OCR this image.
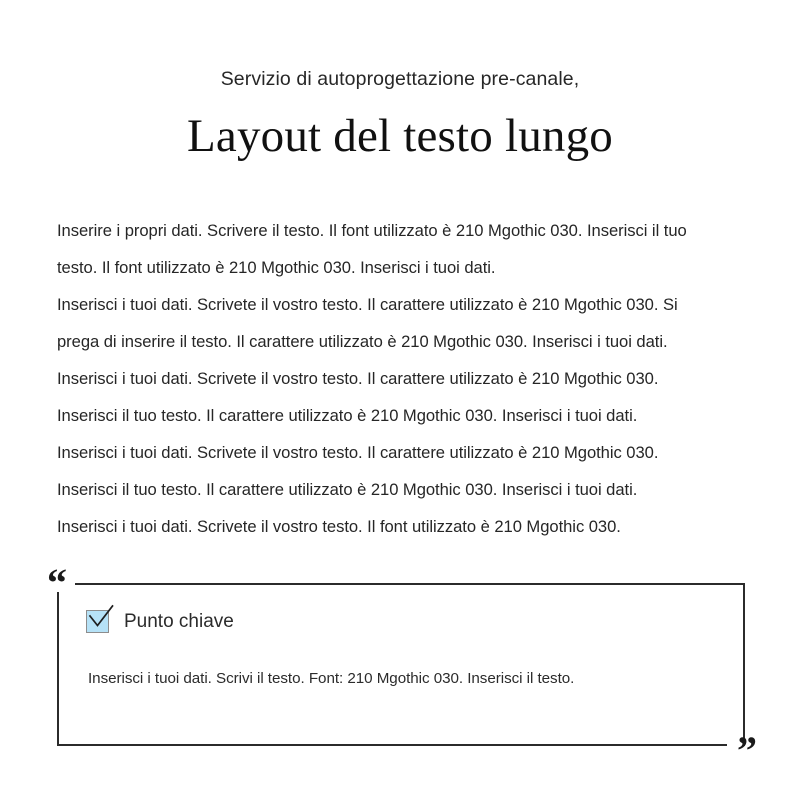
Servizio di autoprogettazione pre-canale,
Layout del testo lungo
Inserire i propri dati. Scrivere il testo. Il font utilizzato è 210 Mgothic 030. Inserisci il tuo
testo. Il font utilizzato è 210 Mgothic 030. Inserisci i tuoi dati.
Inserisci i tuoi dati. Scrivete il vostro testo. Il carattere utilizzato è 210 Mgothic 030. Si
prega di inserire il testo. Il carattere utilizzato è 210 Mgothic 030. Inserisci i tuoi dati.
Inserisci i tuoi dati. Scrivete il vostro testo. Il carattere utilizzato è 210 Mgothic 030.
Inserisci il tuo testo. Il carattere utilizzato è 210 Mgothic 030. Inserisci i tuoi dati.
Inserisci i tuoi dati. Scrivete il vostro testo. Il carattere utilizzato è 210 Mgothic 030.
Inserisci il tuo testo. Il carattere utilizzato è 210 Mgothic 030. Inserisci i tuoi dati.
Inserisci i tuoi dati. Scrivete il vostro testo. Il font utilizzato è 210 Mgothic 030.
“
”
Punto chiave
Inserisci i tuoi dati. Scrivi il testo. Font: 210 Mgothic 030. Inserisci il testo.
